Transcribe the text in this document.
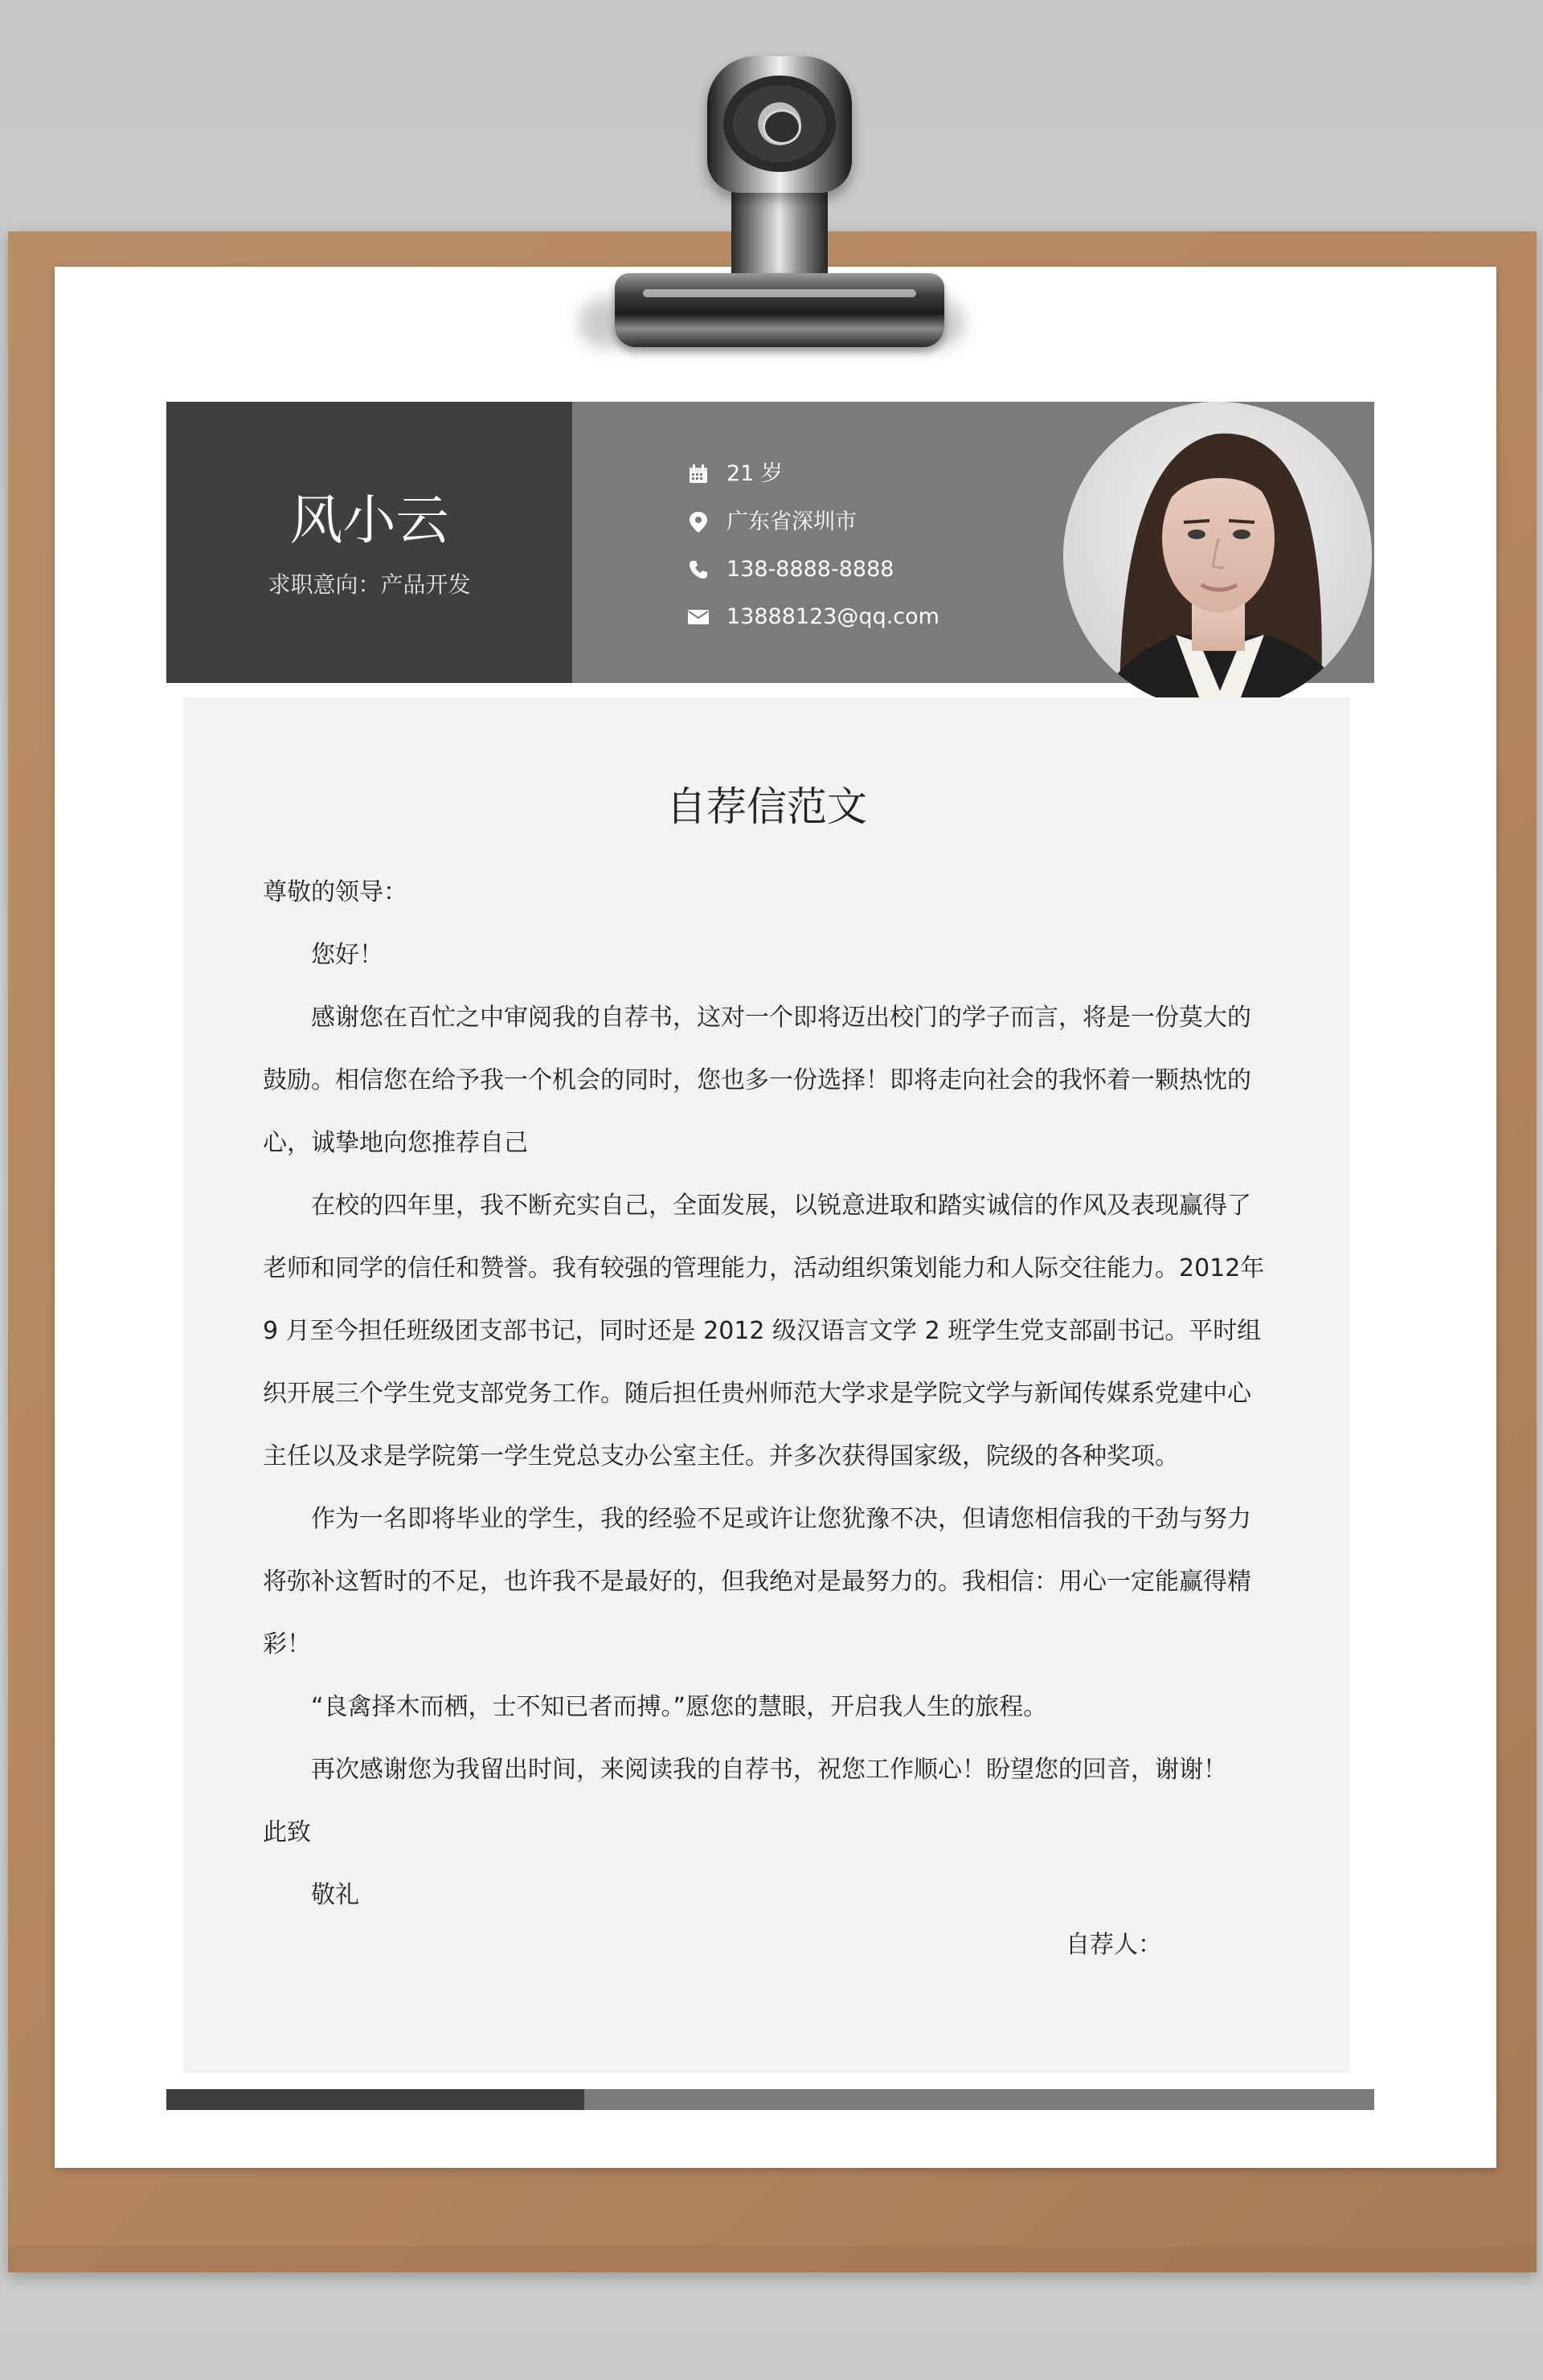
风小云
求职意向：产品开发
21 岁
广东省深圳市
138-8888-8888
13888123@qq.com
自荐信范文

尊敬的领导：

您好！

感谢您在百忙之中审阅我的自荐书，这对一个即将迈出校门的学子而言，将是一份莫大的鼓励。相信您在给予我一个机会的同时，您也多一份选择！即将走向社会的我怀着一颗热忱的心，诚挚地向您推荐自己

在校的四年里，我不断充实自己，全面发展，以锐意进取和踏实诚信的作风及表现赢得了老师和同学的信任和赞誉。我有较强的管理能力，活动组织策划能力和人际交往能力。2012年 9 月至今担任班级团支部书记，同时还是 2012 级汉语言文学 2 班学生党支部副书记。平时组织开展三个学生党支部党务工作。随后担任贵州师范大学求是学院文学与新闻传媒系党建中心主任以及求是学院第一学生党总支办公室主任。并多次获得国家级，院级的各种奖项。

作为一名即将毕业的学生，我的经验不足或许让您犹豫不决，但请您相信我的干劲与努力将弥补这暂时的不足，也许我不是最好的，但我绝对是最努力的。我相信：用心一定能赢得精彩！

“良禽择木而栖，士不知已者而搏。”愿您的慧眼，开启我人生的旅程。

再次感谢您为我留出时间，来阅读我的自荐书，祝您工作顺心！盼望您的回音，谢谢！

此致

敬礼

自荐人：
